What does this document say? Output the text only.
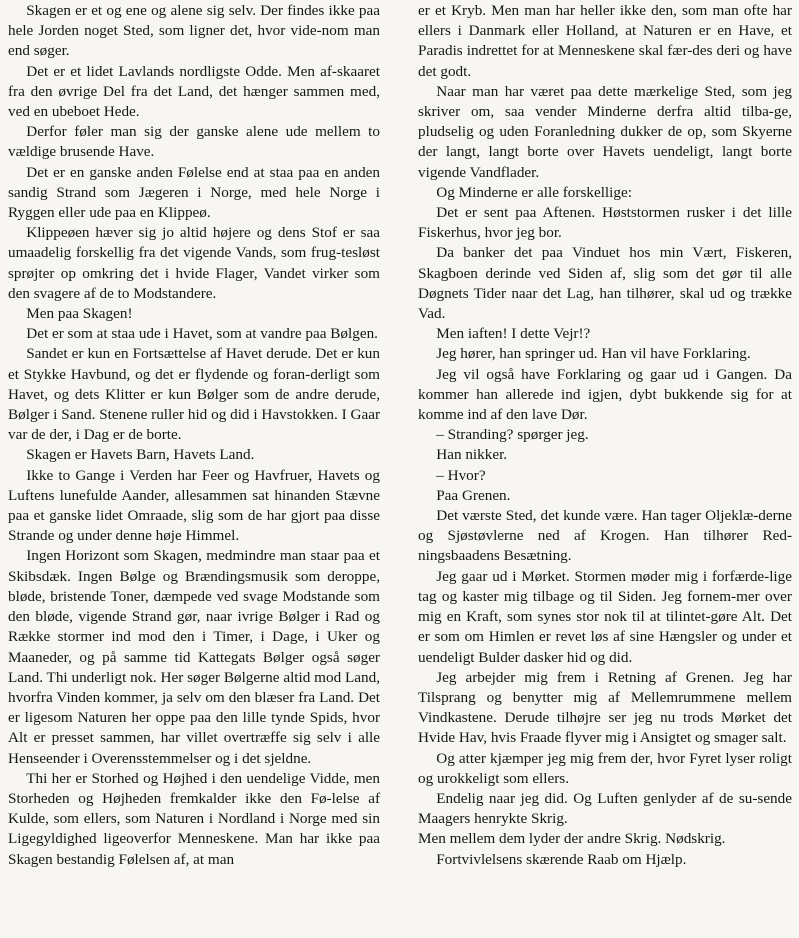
Skagen er et og ene og alene sig selv. Der findes ikke paa hele Jorden noget Sted, som ligner det, hvor vide-nom man end søger.

Det er et lidet Lavlands nordligste Odde. Men af-skaaret fra den øvrige Del fra det Land, det hænger sammen med, ved en ubeboet Hede.

Derfor føler man sig der ganske alene ude mellem to vældige brusende Have.

Det er en ganske anden Følelse end at staa paa en anden sandig Strand som Jægeren i Norge, med hele Norge i Ryggen eller ude paa en Klippeø.

Klippeøen hæver sig jo altid højere og dens Stof er saa umaadelig forskellig fra det vigende Vands, som frug-tesløst sprøjter op omkring det i hvide Flager, Vandet virker som den svagere af de to Modstandere.

Men paa Skagen!

Det er som at staa ude i Havet, som at vandre paa Bølgen.

Sandet er kun en Fortsættelse af Havet derude. Det er kun et Stykke Havbund, og det er flydende og foran-derligt som Havet, og dets Klitter er kun Bølger som de andre derude, Bølger i Sand. Stenene ruller hid og did i Havstokken. I Gaar var de der, i Dag er de borte.

Skagen er Havets Barn, Havets Land.

Ikke to Gange i Verden har Feer og Havfruer, Havets og Luftens lunefulde Aander, allesammen sat hinanden Stævne paa et ganske lidet Omraade, slig som de har gjort paa disse Strande og under denne høje Himmel.

Ingen Horizont som Skagen, medmindre man staar paa et Skibsdæk. Ingen Bølge og Brændingsmusik som deroppe, bløde, bristende Toner, dæmpede ved svage Modstande som den bløde, vigende Strand gør, naar ivrige Bølger i Rad og Række stormer ind mod den i Timer, i Dage, i Uker og Maaneder, og på samme tid Kattegats Bølger også søger Land. Thi underligt nok. Her søger Bølgerne altid mod Land, hvorfra Vinden kommer, ja selv om den blæser fra Land. Det er ligesom Naturen her oppe paa den lille tynde Spids, hvor Alt er presset sammen, har villet overtræffe sig selv i alle Henseender i Overensstemmelser og i det sjeldne.

Thi her er Storhed og Højhed i den uendelige Vidde, men Storheden og Højheden fremkalder ikke den Fø-lelse af Kulde, som ellers, som Naturen i Nordland i Norge med sin Ligegyldighed ligeoverfor Menneskene. Man har ikke paa Skagen bestandig Følelsen af, at man

er et Kryb. Men man har heller ikke den, som man ofte har ellers i Danmark eller Holland, at Naturen er en Have, et Paradis indrettet for at Menneskene skal fær-des deri og have det godt.

Naar man har været paa dette mærkelige Sted, som jeg skriver om, saa vender Minderne derfra altid tilba-ge, pludselig og uden Foranledning dukker de op, som Skyerne der langt, langt borte over Havets uendeligt, langt borte vigende Vandflader.

Og Minderne er alle forskellige:

Det er sent paa Aftenen. Høststormen rusker i det lille Fiskerhus, hvor jeg bor.

Da banker det paa Vinduet hos min Vært, Fiskeren, Skagboen derinde ved Siden af, slig som det gør til alle Døgnets Tider naar det Lag, han tilhører, skal ud og trække Vad.

Men iaften! I dette Vejr!?

Jeg hører, han springer ud. Han vil have Forklaring.

Jeg vil også have Forklaring og gaar ud i Gangen. Da kommer han allerede ind igjen, dybt bukkende sig for at komme ind af den lave Dør.

– Stranding? spørger jeg.

Han nikker.

– Hvor?

Paa Grenen.

Det værste Sted, det kunde være. Han tager Oljeklæ-derne og Sjøstøvlerne ned af Krogen. Han tilhører Red-ningsbaadens Besætning.

Jeg gaar ud i Mørket. Stormen møder mig i forfærde-lige tag og kaster mig tilbage og til Siden. Jeg fornem-mer over mig en Kraft, som synes stor nok til at tilintet-gøre Alt. Det er som om Himlen er revet løs af sine Hængsler og under et uendeligt Bulder dasker hid og did.

Jeg arbejder mig frem i Retning af Grenen. Jeg har Tilsprang og benytter mig af Mellemrummene mellem Vindkastene. Derude tilhøjre ser jeg nu trods Mørket det Hvide Hav, hvis Fraade flyver mig i Ansigtet og smager salt.

Og atter kjæmper jeg mig frem der, hvor Fyret lyser roligt og urokkeligt som ellers.

Endelig naar jeg did. Og Luften genlyder af de su-sende Maagers henrykte Skrig.

Men mellem dem lyder der andre Skrig. Nødskrig.

Fortvivlelsens skærende Raab om Hjælp.
